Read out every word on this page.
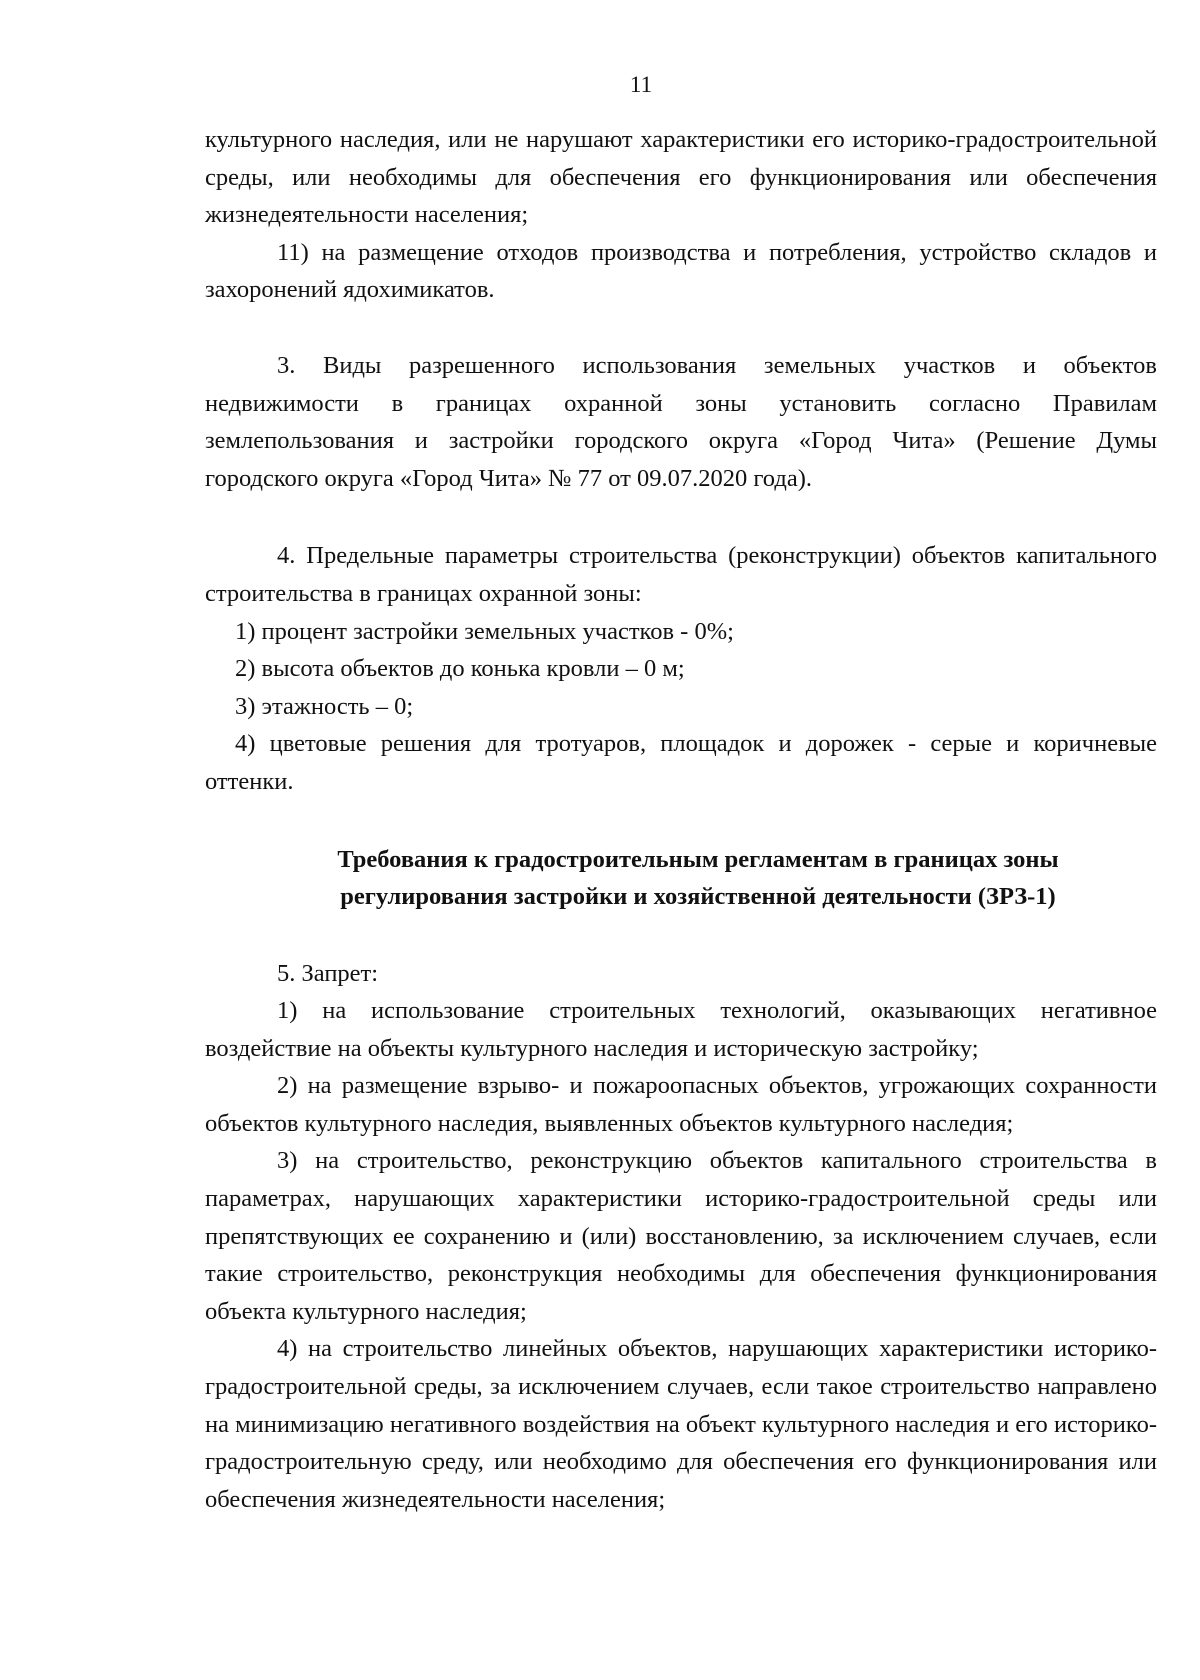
11

культурного наследия, или не нарушают характеристики его историко-градостроительной среды, или необходимы для обеспечения его функционирования или обеспечения жизнедеятельности населения;

11) на размещение отходов производства и потребления, устройство складов и захоронений ядохимикатов.

3. Виды разрешенного использования земельных участков и объектов недвижимости в границах охранной зоны установить согласно Правилам землепользования и застройки городского округа «Город Чита» (Решение Думы городского округа «Город Чита» № 77 от 09.07.2020 года).

4. Предельные параметры строительства (реконструкции) объектов капитального строительства в границах охранной зоны:

1) процент застройки земельных участков - 0%;

2) высота объектов до конька кровли – 0 м;

3) этажность – 0;

4) цветовые решения для тротуаров, площадок и дорожек - серые и коричневые оттенки.

Требования к градостроительным регламентам в границах зоны

регулирования застройки и хозяйственной деятельности (ЗРЗ-1)

5. Запрет:

1) на использование строительных технологий, оказывающих негативное воздействие на объекты культурного наследия и историческую застройку;

2) на размещение взрыво- и пожароопасных объектов, угрожающих сохранности объектов культурного наследия, выявленных объектов культурного наследия;

3) на строительство, реконструкцию объектов капитального строительства в параметрах, нарушающих характеристики историко-градостроительной среды или препятствующих ее сохранению и (или) восстановлению, за исключением случаев, если такие строительство, реконструкция необходимы для обеспечения функционирования объекта культурного наследия;

4) на строительство линейных объектов, нарушающих характеристики историко-градостроительной среды, за исключением случаев, если такое строительство направлено на минимизацию негативного воздействия на объект культурного наследия и его историко-градостроительную среду, или необходимо для обеспечения его функционирования или обеспечения жизнедеятельности населения;
